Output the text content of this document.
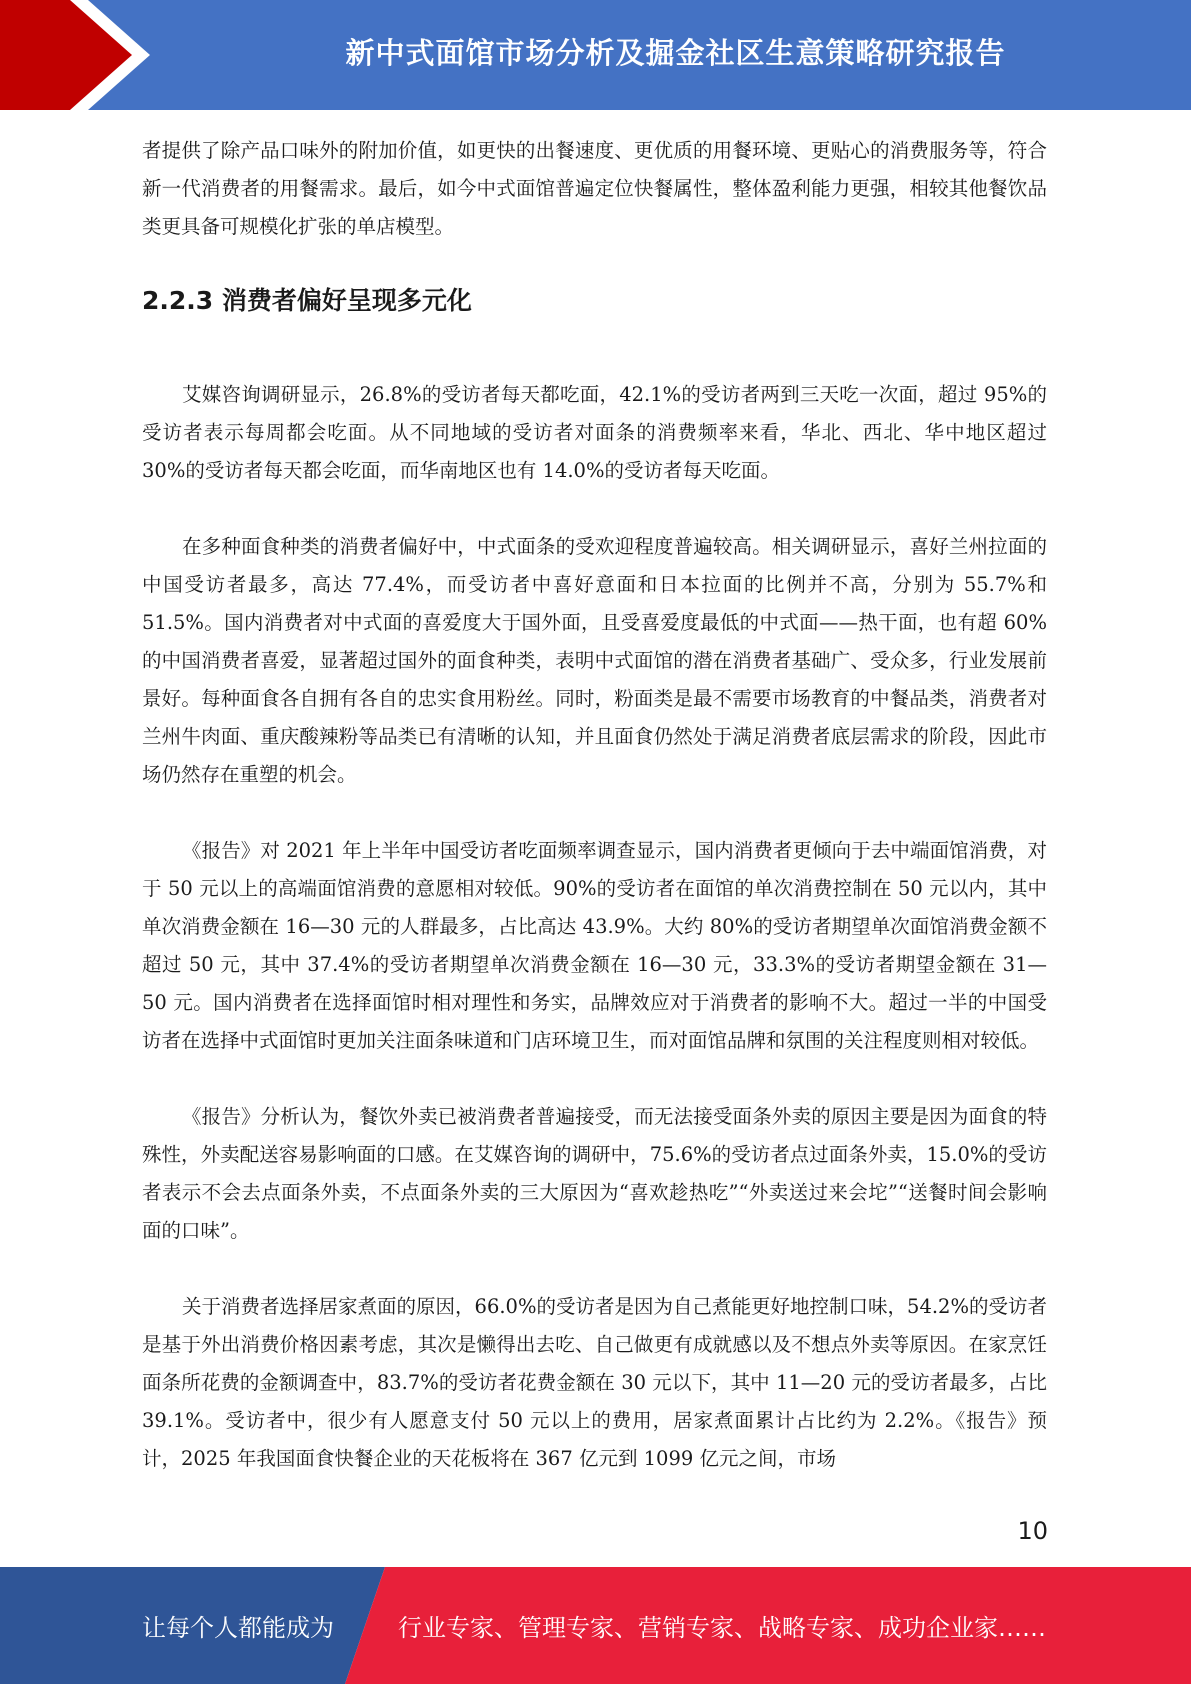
新中式面馆市场分析及掘金社区生意策略研究报告

者提供了除产品口味外的附加价值，如更快的出餐速度、更优质的用餐环境、更贴心的消费服务等，符合新一代消费者的用餐需求。最后，如今中式面馆普遍定位快餐属性，整体盈利能力更强，相较其他餐饮品类更具备可规模化扩张的单店模型。

2.2.3 消费者偏好呈现多元化

艾媒咨询调研显示，26.8%的受访者每天都吃面，42.1%的受访者两到三天吃一次面，超过 95%的受访者表示每周都会吃面。从不同地域的受访者对面条的消费频率来看，华北、西北、华中地区超过 30%的受访者每天都会吃面，而华南地区也有 14.0%的受访者每天吃面。

在多种面食种类的消费者偏好中，中式面条的受欢迎程度普遍较高。相关调研显示，喜好兰州拉面的中国受访者最多，高达 77.4%，而受访者中喜好意面和日本拉面的比例并不高，分别为 55.7%和 51.5%。国内消费者对中式面的喜爱度大于国外面，且受喜爱度最低的中式面——热干面，也有超 60%的中国消费者喜爱，显著超过国外的面食种类，表明中式面馆的潜在消费者基础广、受众多，行业发展前景好。每种面食各自拥有各自的忠实食用粉丝。同时，粉面类是最不需要市场教育的中餐品类，消费者对兰州牛肉面、重庆酸辣粉等品类已有清晰的认知，并且面食仍然处于满足消费者底层需求的阶段，因此市场仍然存在重塑的机会。

《报告》对 2021 年上半年中国受访者吃面频率调查显示，国内消费者更倾向于去中端面馆消费，对于 50 元以上的高端面馆消费的意愿相对较低。90%的受访者在面馆的单次消费控制在 50 元以内，其中单次消费金额在 16—30 元的人群最多，占比高达 43.9%。大约 80%的受访者期望单次面馆消费金额不超过 50 元，其中 37.4%的受访者期望单次消费金额在 16—30 元，33.3%的受访者期望金额在 31—50 元。国内消费者在选择面馆时相对理性和务实，品牌效应对于消费者的影响不大。超过一半的中国受访者在选择中式面馆时更加关注面条味道和门店环境卫生，而对面馆品牌和氛围的关注程度则相对较低。

《报告》分析认为，餐饮外卖已被消费者普遍接受，而无法接受面条外卖的原因主要是因为面食的特殊性，外卖配送容易影响面的口感。在艾媒咨询的调研中，75.6%的受访者点过面条外卖，15.0%的受访者表示不会去点面条外卖，不点面条外卖的三大原因为“喜欢趁热吃”“外卖送过来会坨”“送餐时间会影响面的口味”。

关于消费者选择居家煮面的原因，66.0%的受访者是因为自己煮能更好地控制口味，54.2%的受访者是基于外出消费价格因素考虑，其次是懒得出去吃、自己做更有成就感以及不想点外卖等原因。在家烹饪面条所花费的金额调查中，83.7%的受访者花费金额在 30 元以下，其中 11—20 元的受访者最多，占比 39.1%。受访者中，很少有人愿意支付 50 元以上的费用，居家煮面累计占比约为 2.2%。《报告》预计，2025 年我国面食快餐企业的天花板将在 367 亿元到 1099 亿元之间，市场

10
让每个人都能成为	行业专家、管理专家、营销专家、战略专家、成功企业家……
